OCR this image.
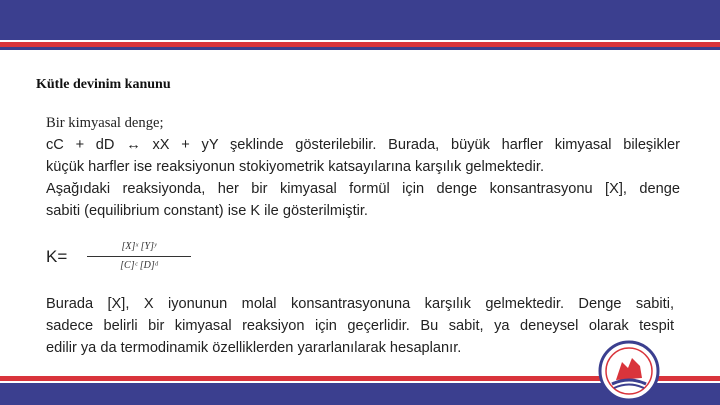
Kütle devinim kanunu
Bir kimyasal denge;
cC + dD ↔ xX + yY şeklinde gösterilebilir. Burada, büyük harfler kimyasal bileşikler
küçük harfler ise reaksiyonun stokiyometrik katsayılarına karşılık gelmektedir.
Aşağıdaki reaksiyonda, her bir kimyasal formül için denge konsantrasyonu [X], denge
sabiti (equilibrium constant) ise K ile gösterilmiştir.
K=
[X]ˣ [Y]ʸ
[C]ᶜ [D]ᵈ
Burada [X], X iyonunun molal konsantrasyonuna karşılık gelmektedir. Denge sabiti,
sadece belirli bir kimyasal reaksiyon için geçerlidir. Bu sabit, ya deneysel olarak tespit
edilir ya da termodinamik özelliklerden yararlanılarak hesaplanır.
